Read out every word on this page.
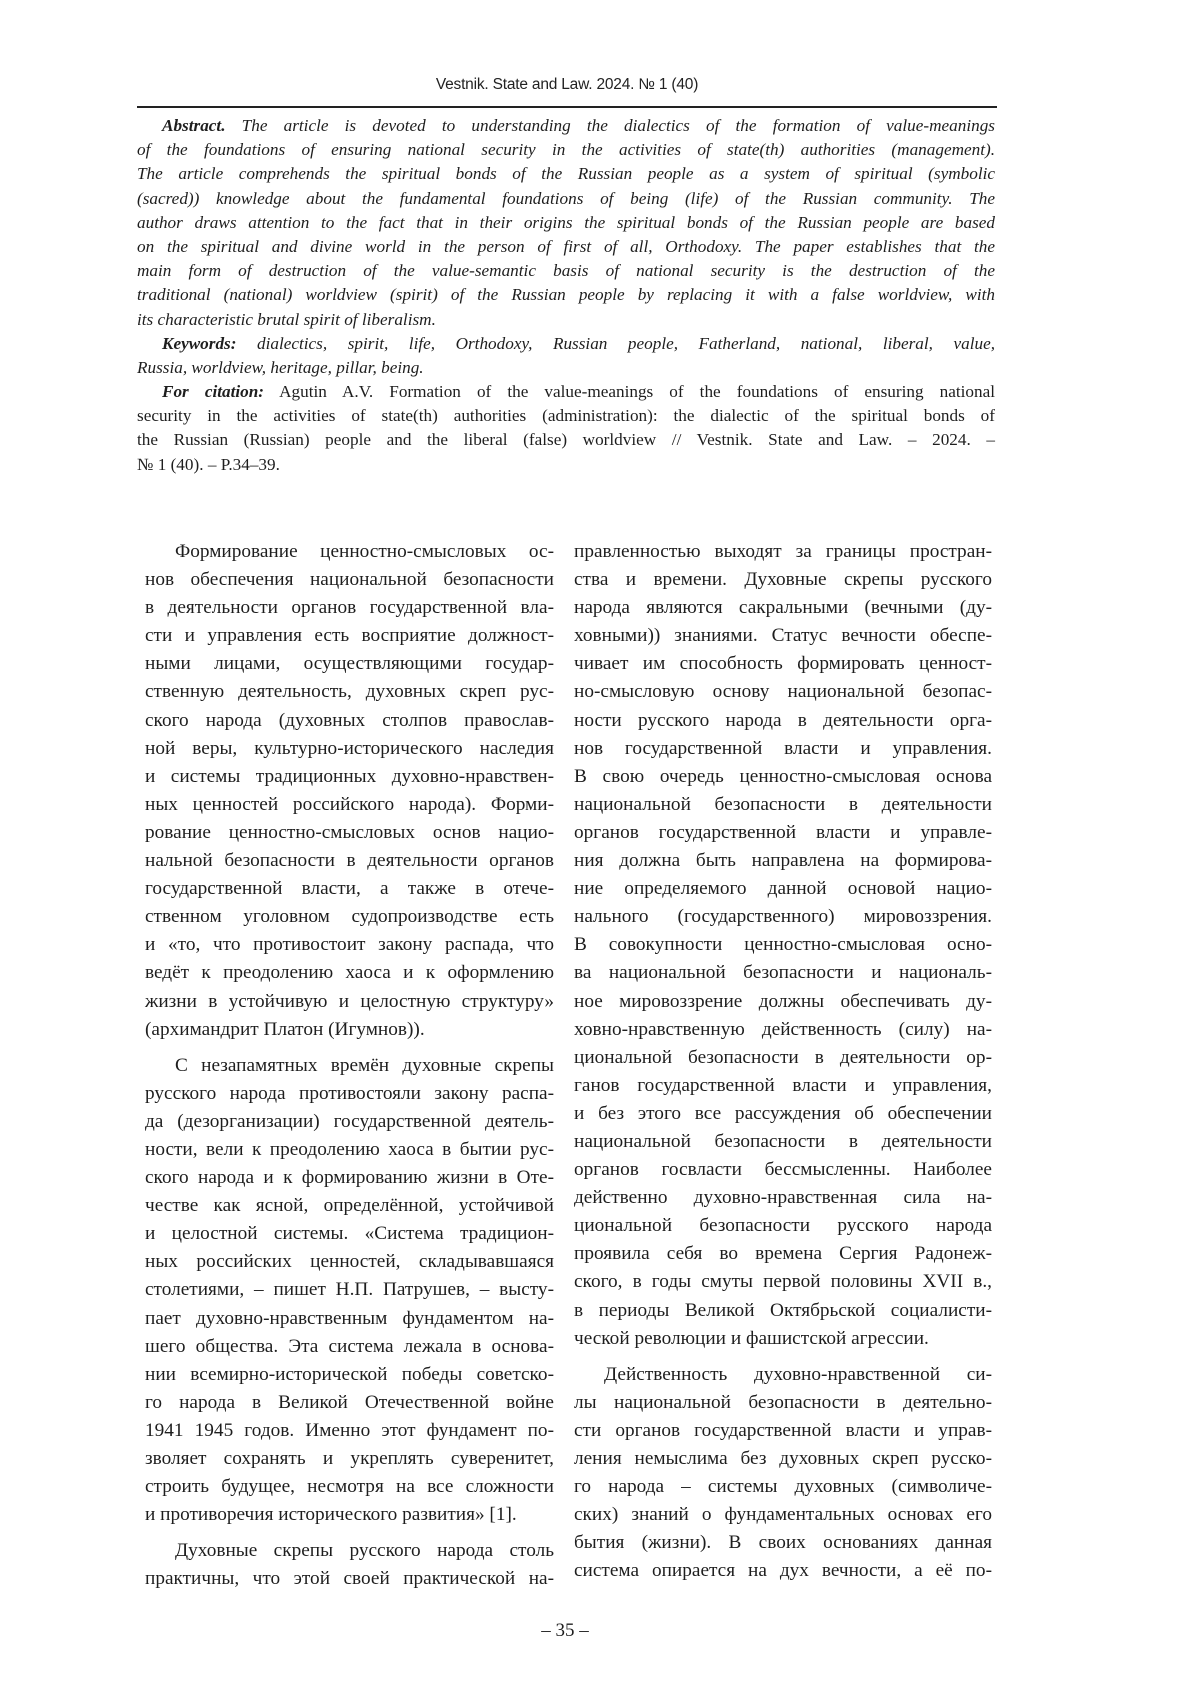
Vestnik. State and Law. 2024. № 1 (40)
Abstract. The article is devoted to understanding the dialectics of the formation of value-meanings
of the foundations of ensuring national security in the activities of state(th) authorities (management).
The article comprehends the spiritual bonds of the Russian people as a system of spiritual (symbolic
(sacred)) knowledge about the fundamental foundations of being (life) of the Russian community. The
author draws attention to the fact that in their origins the spiritual bonds of the Russian people are based
on the spiritual and divine world in the person of first of all, Orthodoxy. The paper establishes that the
main form of destruction of the value-semantic basis of national security is the destruction of the
traditional (national) worldview (spirit) of the Russian people by replacing it with a false worldview, with
its characteristic brutal spirit of liberalism.
Keywords: dialectics, spirit, life, Orthodoxy, Russian people, Fatherland, national, liberal, value,
Russia, worldview, heritage, pillar, being.
For citation: Agutin A.V. Formation of the value-meanings of the foundations of ensuring national
security in the activities of state(th) authorities (administration): the dialectic of the spiritual bonds of
the Russian (Russian) people and the liberal (false) worldview // Vestnik. State and Law. – 2024. –
№ 1 (40). – P.34–39.
Формирование ценностно-смысловых ос-
нов обеспечения национальной безопасности
в деятельности органов государственной вла-
сти и управления есть восприятие должност-
ными лицами, осуществляющими государ-
ственную деятельность, духовных скреп рус-
ского народа (духовных столпов православ-
ной веры, культурно-исторического наследия
и системы традиционных духовно-нравствен-
ных ценностей российского народа). Форми-
рование ценностно-смысловых основ нацио-
нальной безопасности в деятельности органов
государственной власти, а также в отече-
ственном уголовном судопроизводстве есть
и «то, что противостоит закону распада, что
ведёт к преодолению хаоса и к оформлению
жизни в устойчивую и целостную структуру»
(архимандрит Платон (Игумнов)).
С незапамятных времён духовные скрепы
русского народа противостояли закону распа-
да (дезорганизации) государственной деятель-
ности, вели к преодолению хаоса в бытии рус-
ского народа и к формированию жизни в Оте-
честве как ясной, определённой, устойчивой
и целостной системы. «Система традицион-
ных российских ценностей, складывавшаяся
столетиями, – пишет Н.П. Патрушев, – высту-
пает духовно-нравственным фундаментом на-
шего общества. Эта система лежала в основа-
нии всемирно-исторической победы советско-
го народа в Великой Отечественной войне
1941 1945 годов. Именно этот фундамент по-
зволяет сохранять и укреплять суверенитет,
строить будущее, несмотря на все сложности
и противоречия исторического развития» [1].
Духовные скрепы русского народа столь
практичны, что этой своей практической на-
правленностью выходят за границы простран-
ства и времени. Духовные скрепы русского
народа являются сакральными (вечными (ду-
ховными)) знаниями. Статус вечности обеспе-
чивает им способность формировать ценност-
но-смысловую основу национальной безопас-
ности русского народа в деятельности орга-
нов государственной власти и управления.
В свою очередь ценностно-смысловая основа
национальной безопасности в деятельности
органов государственной власти и управле-
ния должна быть направлена на формирова-
ние определяемого данной основой нацио-
нального (государственного) мировоззрения.
В совокупности ценностно-смысловая осно-
ва национальной безопасности и националь-
ное мировоззрение должны обеспечивать ду-
ховно-нравственную действенность (силу) на-
циональной безопасности в деятельности ор-
ганов государственной власти и управления,
и без этого все рассуждения об обеспечении
национальной безопасности в деятельности
органов госвласти бессмысленны. Наиболее
действенно духовно-нравственная сила на-
циональной безопасности русского народа
проявила себя во времена Сергия Радонеж-
ского, в годы смуты первой половины XVII в.,
в периоды Великой Октябрьской социалисти-
ческой революции и фашистской агрессии.
Действенность духовно-нравственной си-
лы национальной безопасности в деятельно-
сти органов государственной власти и управ-
ления немыслима без духовных скреп русско-
го народа – системы духовных (символиче-
ских) знаний о фундаментальных основах его
бытия (жизни). В своих основаниях данная
система опирается на дух вечности, а её по-
– 35 –
